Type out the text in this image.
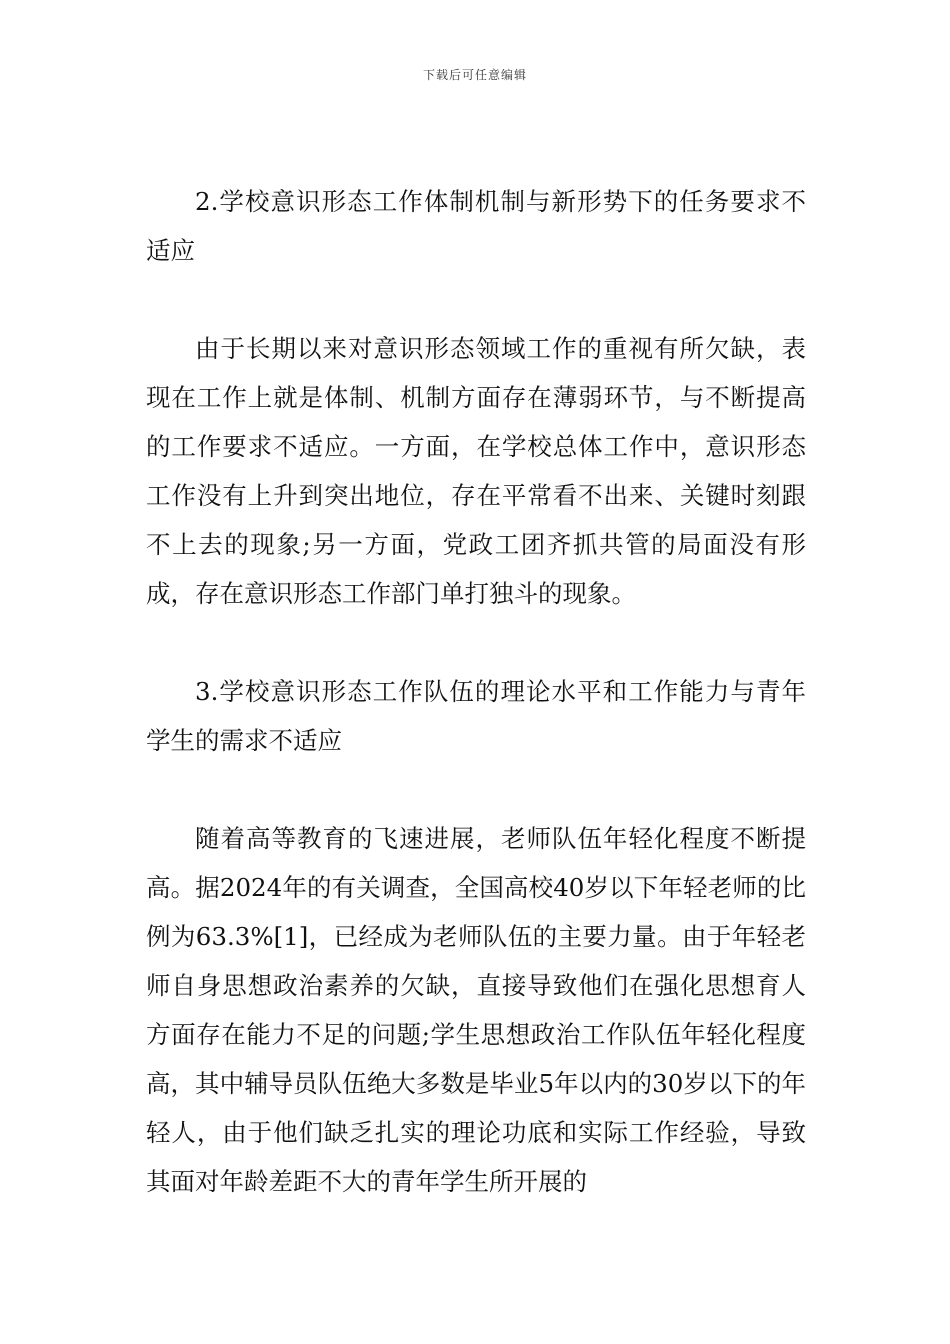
下载后可任意编辑

2.学校意识形态工作体制机制与新形势下的任务要求不适应

由于长期以来对意识形态领域工作的重视有所欠缺，表现在工作上就是体制、机制方面存在薄弱环节，与不断提高的工作要求不适应。一方面，在学校总体工作中，意识形态工作没有上升到突出地位，存在平常看不出来、关键时刻跟不上去的现象;另一方面，党政工团齐抓共管的局面没有形成，存在意识形态工作部门单打独斗的现象。

3.学校意识形态工作队伍的理论水平和工作能力与青年学生的需求不适应

随着高等教育的飞速进展，老师队伍年轻化程度不断提高。据2024年的有关调查，全国高校40岁以下年轻老师的比例为63.3%[1]，已经成为老师队伍的主要力量。由于年轻老师自身思想政治素养的欠缺，直接导致他们在强化思想育人方面存在能力不足的问题;学生思想政治工作队伍年轻化程度高，其中辅导员队伍绝大多数是毕业5年以内的30岁以下的年轻人，由于他们缺乏扎实的理论功底和实际工作经验，导致其面对年龄差距不大的青年学生所开展的
